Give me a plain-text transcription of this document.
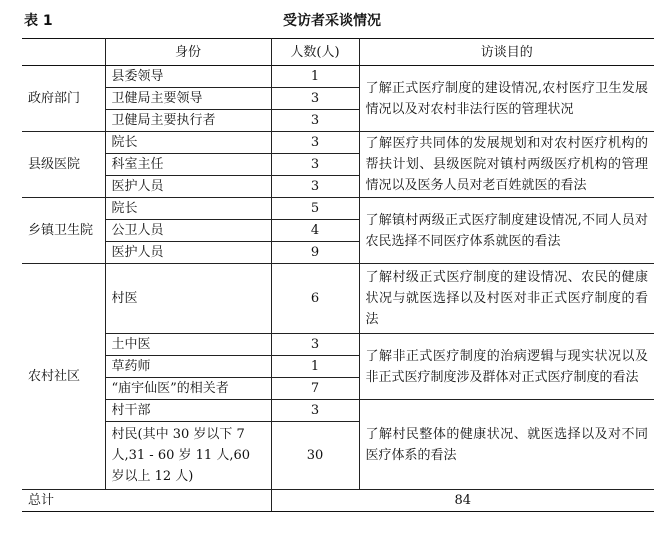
表 1	受访者采谈情况
	身份	人数(人)	访谈目的
政府部门	县委领导	1	了解正式医疗制度的建设情况,农村医疗卫生发展情况以及对农村非法行医的管理状况
	卫健局主要领导	3	
	卫健局主要执行者	3	
县级医院	院长	3	了解医疗共同体的发展规划和对农村医疗机构的帮扶计划、县级医院对镇村两级医疗机构的管理情况以及医务人员对老百姓就医的看法
	科室主任	3	
	医护人员	3	
乡镇卫生院	院长	5	了解镇村两级正式医疗制度建设情况,不同人员对农民选择不同医疗体系就医的看法
	公卫人员	4	
	医护人员	9	
农村社区	村医	6	了解村级正式医疗制度的建设情况、农民的健康状况与就医选择以及村医对非正式医疗制度的看法
	土中医	3	了解非正式医疗制度的治病逻辑与现实状况以及非正式医疗制度涉及群体对正式医疗制度的看法
	草药师	1	
	“庙宇仙医”的相关者	7	
	村干部	3	了解村民整体的健康状况、就医选择以及对不同医疗体系的看法
	村民(其中 30 岁以下 7 人,31 - 60 岁 11 人,60 岁以上 12 人)	30	
总计		84	
